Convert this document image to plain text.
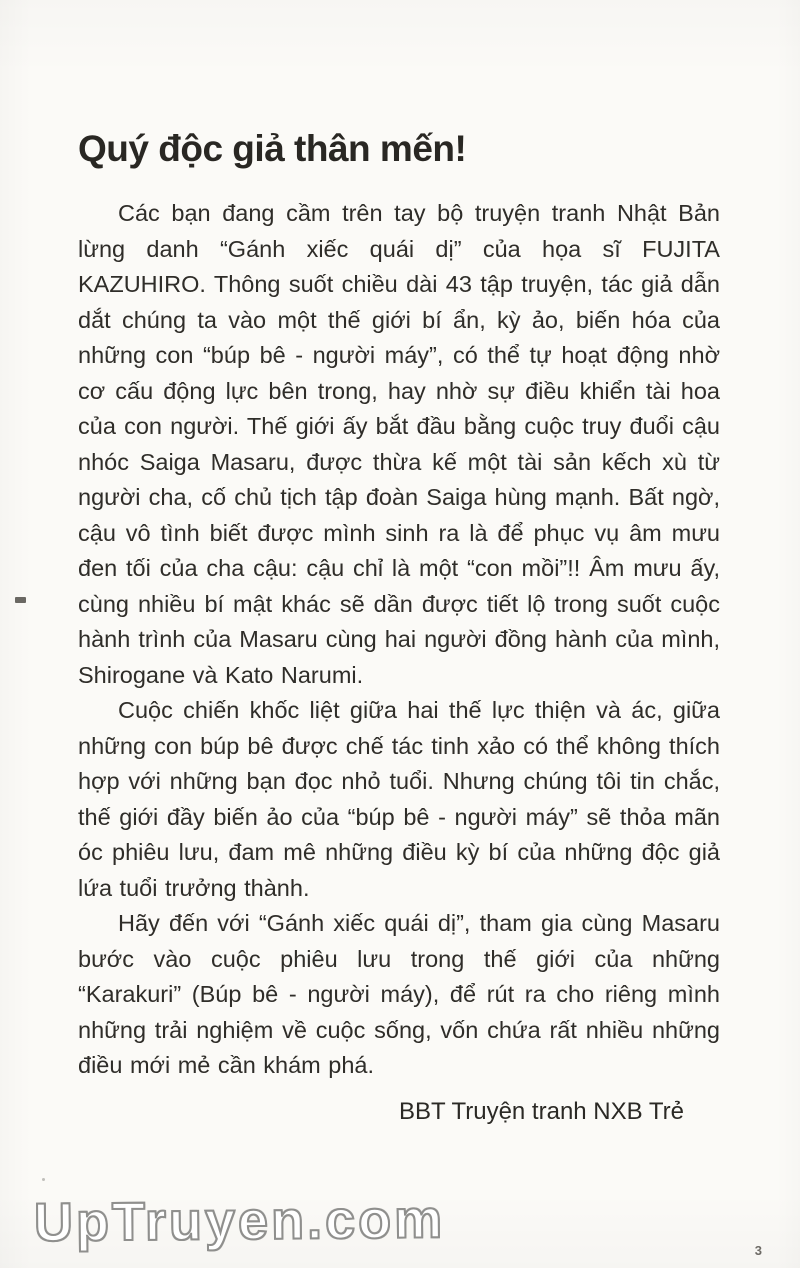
Quý độc giả thân mến!

Các bạn đang cầm trên tay bộ truyện tranh Nhật Bản lừng danh “Gánh xiếc quái dị” của họa sĩ FUJITA KAZUHIRO. Thông suốt chiều dài 43 tập truyện, tác giả dẫn dắt chúng ta vào một thế giới bí ẩn, kỳ ảo, biến hóa của những con “búp bê - người máy”, có thể tự hoạt động nhờ cơ cấu động lực bên trong, hay nhờ sự điều khiển tài hoa của con người. Thế giới ấy bắt đầu bằng cuộc truy đuổi cậu nhóc Saiga Masaru, được thừa kế một tài sản kếch xù từ người cha, cố chủ tịch tập đoàn Saiga hùng mạnh. Bất ngờ, cậu vô tình biết được mình sinh ra là để phục vụ âm mưu đen tối của cha cậu: cậu chỉ là một “con mồi”!! Âm mưu ấy, cùng nhiều bí mật khác sẽ dần được tiết lộ trong suốt cuộc hành trình của Masaru cùng hai người đồng hành của mình, Shirogane và Kato Narumi.

Cuộc chiến khốc liệt giữa hai thế lực thiện và ác, giữa những con búp bê được chế tác tinh xảo có thể không thích hợp với những bạn đọc nhỏ tuổi. Nhưng chúng tôi tin chắc, thế giới đầy biến ảo của “búp bê - người máy” sẽ thỏa mãn óc phiêu lưu, đam mê những điều kỳ bí của những độc giả lứa tuổi trưởng thành.

Hãy đến với “Gánh xiếc quái dị”, tham gia cùng Masaru bước vào cuộc phiêu lưu trong thế giới của những “Karakuri” (Búp bê - người máy), để rút ra cho riêng mình những trải nghiệm về cuộc sống, vốn chứa rất nhiều những điều mới mẻ cần khám phá.

BBT Truyện tranh NXB Trẻ
UpTruyen.com	3
